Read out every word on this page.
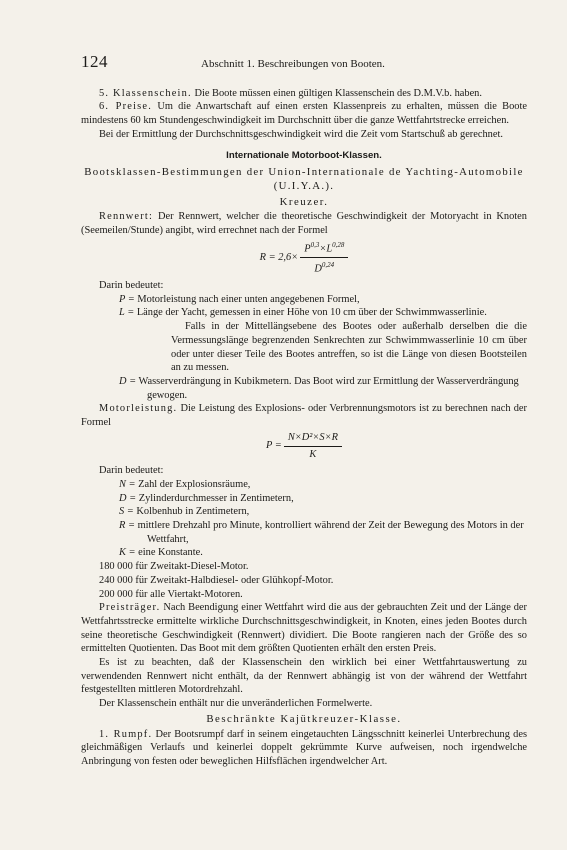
124	Abschnitt 1. Beschreibungen von Booten.

5. Klassenschein. Die Boote müssen einen gültigen Klassenschein des D.M.V.b. haben.

6. Preise. Um die Anwartschaft auf einen ersten Klassenpreis zu erhalten, müssen die Boote mindestens 60 km Stundengeschwindigkeit im Durchschnitt über die ganze Wettfahrtstrecke erreichen.

Bei der Ermittlung der Durchschnittsgeschwindigkeit wird die Zeit vom Startschuß ab gerechnet.

Internationale Motorboot-Klassen.
Bootsklassen-Bestimmungen der Union-Internationale de Yachting-Automobile (U.I.Y.A.).
Kreuzer.

Rennwert: Der Rennwert, welcher die theoretische Geschwindigkeit der Motoryacht in Knoten (Seemeilen/Stunde) angibt, wird errechnet nach der Formel

$R = 2,6\times \frac{P^{0,3}\times L^{0,28}}{D^{0,24}}$

Darin bedeutet:

P = Motorleistung nach einer unten angegebenen Formel,
L = Länge der Yacht, gemessen in einer Höhe von 10 cm über der Schwimmwasserlinie.

Falls in der Mittellängsebene des Bootes oder außerhalb derselben die die Vermessungslänge begrenzenden Senkrechten zur Schwimmwasserlinie 10 cm über oder unter dieser Teile des Bootes antreffen, so ist die Länge von diesen Bootsteilen an zu messen.

D = Wasserverdrängung in Kubikmetern. Das Boot wird zur Ermittlung der Wasserverdrängung gewogen.

Motorleistung. Die Leistung des Explosions- oder Verbrennungsmotors ist zu berechnen nach der Formel

$P = \frac{\text{N×D²×S×R}}{K}$

Darin bedeutet:

N = Zahl der Explosionsräume,
D = Zylinderdurchmesser in Zentimetern,
S = Kolbenhub in Zentimetern,
R = mittlere Drehzahl pro Minute, kontrolliert während der Zeit der Bewegung des Motors in der Wettfahrt,
K = eine Konstante.

180 000 für Zweitakt-Diesel-Motor.

240 000 für Zweitakt-Halbdiesel- oder Glühkopf-Motor.

200 000 für alle Viertakt-Motoren.

Preisträger. Nach Beendigung einer Wettfahrt wird die aus der gebrauchten Zeit und der Länge der Wettfahrtsstrecke ermittelte wirkliche Durchschnittsgeschwindigkeit, in Knoten, eines jeden Bootes durch seine theoretische Geschwindigkeit (Rennwert) dividiert. Die Boote rangieren nach der Größe des so ermittelten Quotienten. Das Boot mit dem größten Quotienten erhält den ersten Preis.

Es ist zu beachten, daß der Klassenschein den wirklich bei einer Wettfahrtauswertung zu verwendenden Rennwert nicht enthält, da der Rennwert abhängig ist von der während der Wettfahrt festgestellten mittleren Motordrehzahl.

Der Klassenschein enthält nur die unveränderlichen Formelwerte.

Beschränkte Kajütkreuzer-Klasse.

1. Rumpf. Der Bootsrumpf darf in seinem eingetauchten Längsschnitt keinerlei Unterbrechung des gleichmäßigen Verlaufs und keinerlei doppelt gekrümmte Kurve aufweisen, noch irgendwelche Anbringung von festen oder beweglichen Hilfsflächen irgendwelcher Art.
